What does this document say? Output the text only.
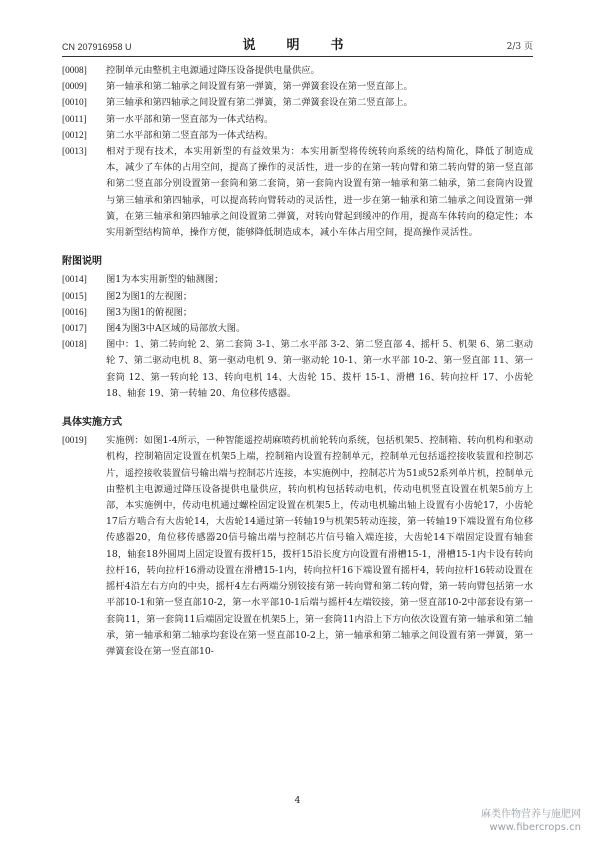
CN 207916958 U	说　明　书	2/3 页
[0008]	控制单元由整机主电源通过降压设备提供电量供应。
[0009]	第一轴承和第二轴承之间设置有第一弹簧，第一弹簧套设在第一竖直部上。
[0010]	第三轴承和第四轴承之间设置有第二弹簧，第二弹簧套设在第二竖直部上。
[0011]	第一水平部和第一竖直部为一体式结构。
[0012]	第二水平部和第二竖直部为一体式结构。
[0013]	相对于现有技术，本实用新型的有益效果为：本实用新型将传统转向系统的结构简化，降低了制造成本，减少了车体的占用空间，提高了操作的灵活性，进一步的在第一转向臂和第二转向臂的第一竖直部和第二竖直部分别设置第一套筒和第二套筒，第一套筒内设置有第一轴承和第二轴承，第二套筒内设置与第三轴承和第四轴承，可以提高转向臂转动的灵活性，进一步在第一轴承和第二轴承之间设置第一弹簧，在第三轴承和第四轴承之间设置第二弹簧，对转向臂起到缓冲的作用，提高车体转向的稳定性；本实用新型结构简单，操作方便，能够降低制造成本，减小车体占用空间，提高操作灵活性。
附图说明
[0014]	图1为本实用新型的轴测图；
[0015]	图2为图1的左视图；
[0016]	图3为图1的俯视图；
[0017]	图4为图3中A区域的局部放大图。
[0018]	图中：1、第二转向轮 2、第二套筒 3-1、第二水平部 3-2、第二竖直部 4、摇杆 5、机架 6、第二驱动轮 7、第二驱动电机 8、第一驱动电机 9、第一驱动轮 10-1、第一水平部 10-2、第一竖直部 11、第一套筒 12、第一转向轮 13、转向电机 14、大齿轮 15、拨杆 15-1、滑槽 16、转向拉杆 17、小齿轮 18、轴套 19、第一转轴 20、角位移传感器。
具体实施方式
[0019]	实施例：如图1-4所示，一种智能遥控胡麻喷药机前轮转向系统，包括机架5、控制箱、转向机构和驱动机构，控制箱固定设置在机架5上端，控制箱内设置有控制单元，控制单元包括遥控接收装置和控制芯片，遥控接收装置信号输出端与控制芯片连接，本实施例中，控制芯片为51或52系列单片机，控制单元由整机主电源通过降压设备提供电量供应，转向机构包括转动电机，传动电机竖直设置在机架5前方上部，本实施例中，传动电机通过螺栓固定设置在机架5上，传动电机输出轴上设置有小齿轮17，小齿轮17后方啮合有大齿轮14，大齿轮14通过第一转轴19与机架5转动连接，第一转轴19下端设置有角位移传感器20，角位移传感器20信号输出端与控制芯片信号输入端连接，大齿轮14下端固定设置有轴套18，轴套18外圆周上固定设置有拨杆15，拨杆15沿长度方向设置有滑槽15-1，滑槽15-1内卡设有转向拉杆16，转向拉杆16滑动设置在滑槽15-1内，转向拉杆16下端设置有摇杆4，转向拉杆16转动设置在摇杆4沿左右方向的中央，摇杆4左右两端分别铰接有第一转向臂和第二转向臂，第一转向臂包括第一水平部10-1和第一竖直部10-2，第一水平部10-1后端与摇杆4左端铰接，第一竖直部10-2中部套设有第一套筒11，第一套筒11后端固定设置在机架5上，第一套筒11内沿上下方向依次设置有第一轴承和第二轴承，第一轴承和第二轴承均套设在第一竖直部10-2上，第一轴承和第二轴承之间设置有第一弹簧，第一弹簧套设在第一竖直部10-
4
麻类作物营养与施肥网
www.fibercrops.cn
